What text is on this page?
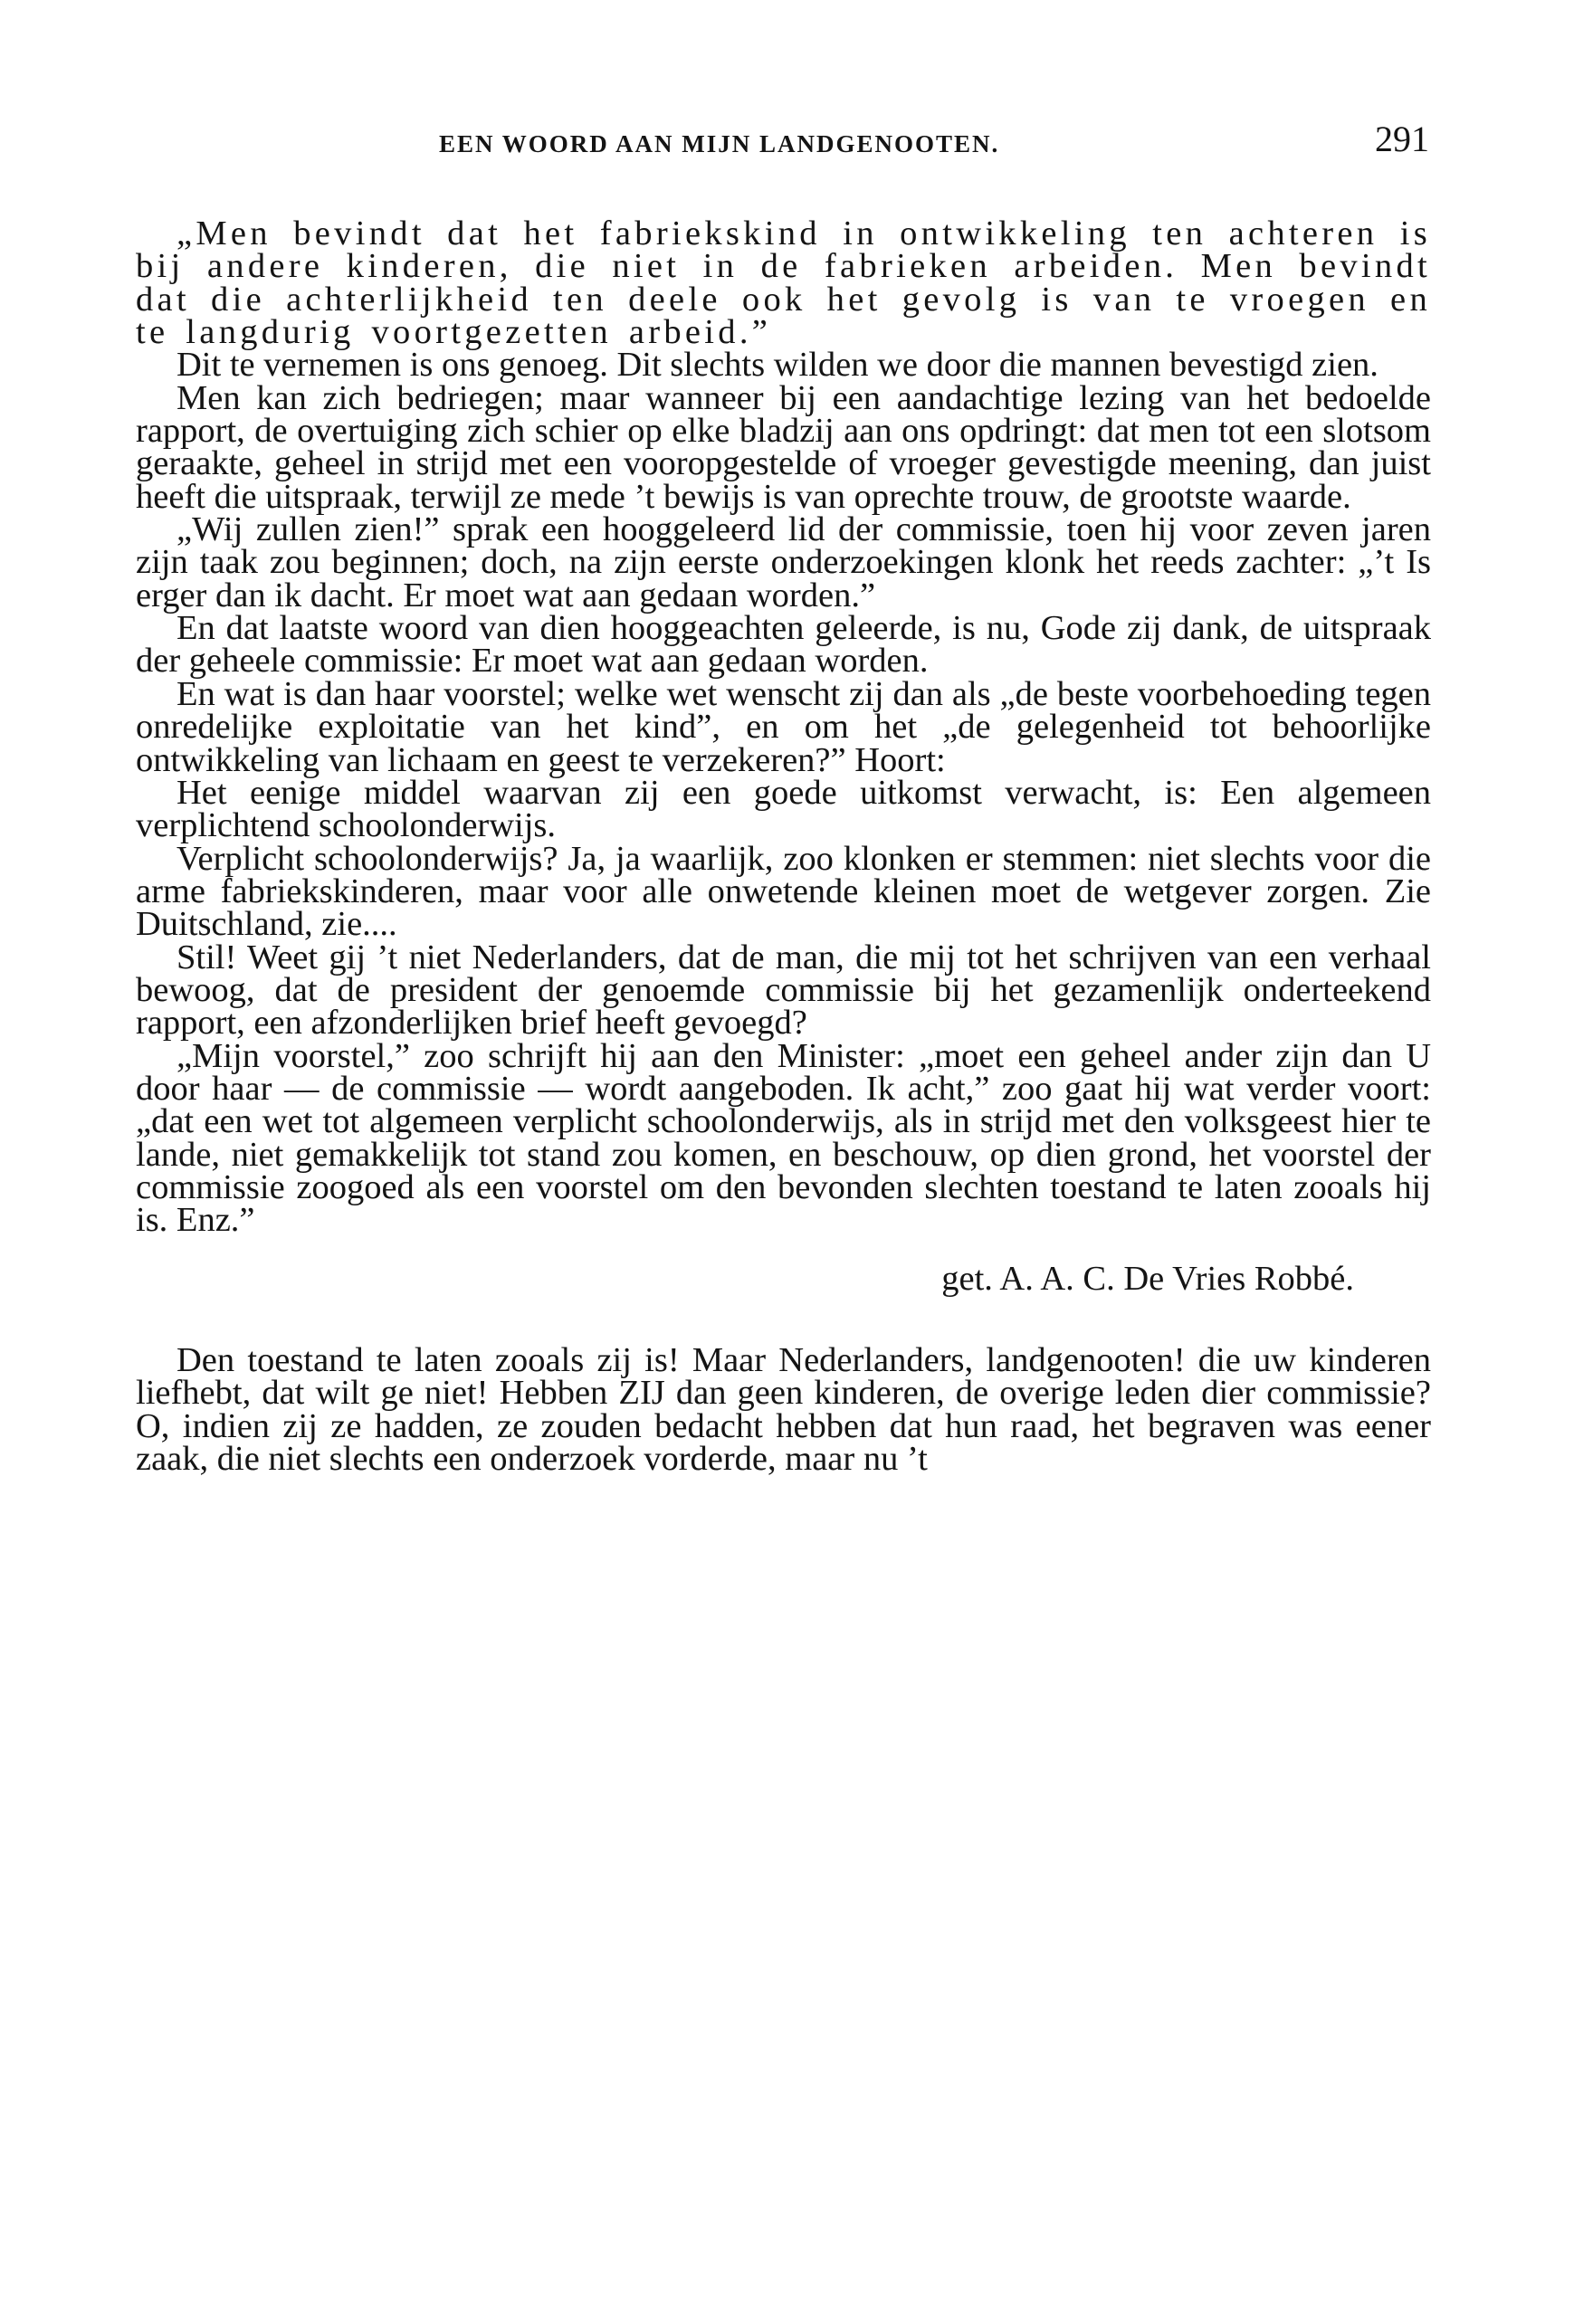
EEN WOORD AAN MIJN LANDGENOOTEN.	291

„Men bevindt dat het fabriekskind in ontwikkeling ten achteren is bij andere kinderen, die niet in de fabrieken arbeiden. Men bevindt dat die achterlijkheid ten deele ook het gevolg is van te vroegen en te langdurig voortgezetten arbeid.”

Dit te vernemen is ons genoeg. Dit slechts wilden we door die mannen bevestigd zien.

Men kan zich bedriegen; maar wanneer bij een aandachtige lezing van het bedoelde rapport, de overtuiging zich schier op elke bladzij aan ons opdringt: dat men tot een slotsom geraakte, geheel in strijd met een vooropgestelde of vroeger gevestigde meening, dan juist heeft die uitspraak, terwijl ze mede ’t bewijs is van oprechte trouw, de grootste waarde.

„Wij zullen zien!” sprak een hooggeleerd lid der commissie, toen hij voor zeven jaren zijn taak zou beginnen; doch, na zijn eerste onderzoekingen klonk het reeds zachter: „’t Is erger dan ik dacht. Er moet wat aan gedaan worden.”

En dat laatste woord van dien hooggeachten geleerde, is nu, Gode zij dank, de uitspraak der geheele commissie: Er moet wat aan gedaan worden.

En wat is dan haar voorstel; welke wet wenscht zij dan als „de beste voorbehoeding tegen onredelijke exploitatie van het kind”, en om het „de gelegenheid tot behoorlijke ontwikkeling van lichaam en geest te verzekeren?” Hoort:

Het eenige middel waarvan zij een goede uitkomst verwacht, is: Een algemeen verplichtend schoolonderwijs.

Verplicht schoolonderwijs? Ja, ja waarlijk, zoo klonken er stemmen: niet slechts voor die arme fabriekskinderen, maar voor alle onwetende kleinen moet de wetgever zorgen. Zie Duitschland, zie....

Stil! Weet gij ’t niet Nederlanders, dat de man, die mij tot het schrijven van een verhaal bewoog, dat de president der genoemde commissie bij het gezamenlijk onderteekend rapport, een afzonderlijken brief heeft gevoegd?

„Mijn voorstel,” zoo schrijft hij aan den Minister: „moet een geheel ander zijn dan U door haar — de commissie — wordt aangeboden. Ik acht,” zoo gaat hij wat verder voort: „dat een wet tot algemeen verplicht schoolonderwijs, als in strijd met den volksgeest hier te lande, niet gemakkelijk tot stand zou komen, en beschouw, op dien grond, het voorstel der commissie zoogoed als een voorstel om den bevonden slechten toestand te laten zooals hij is. Enz.”

get. A. A. C. De Vries Robbé.

Den toestand te laten zooals zij is! Maar Nederlanders, landgenooten! die uw kinderen liefhebt, dat wilt ge niet! Hebben ZIJ dan geen kinderen, de overige leden dier commissie? O, indien zij ze hadden, ze zouden bedacht hebben dat hun raad, het begraven was eener zaak, die niet slechts een onderzoek vorderde, maar nu ’t
